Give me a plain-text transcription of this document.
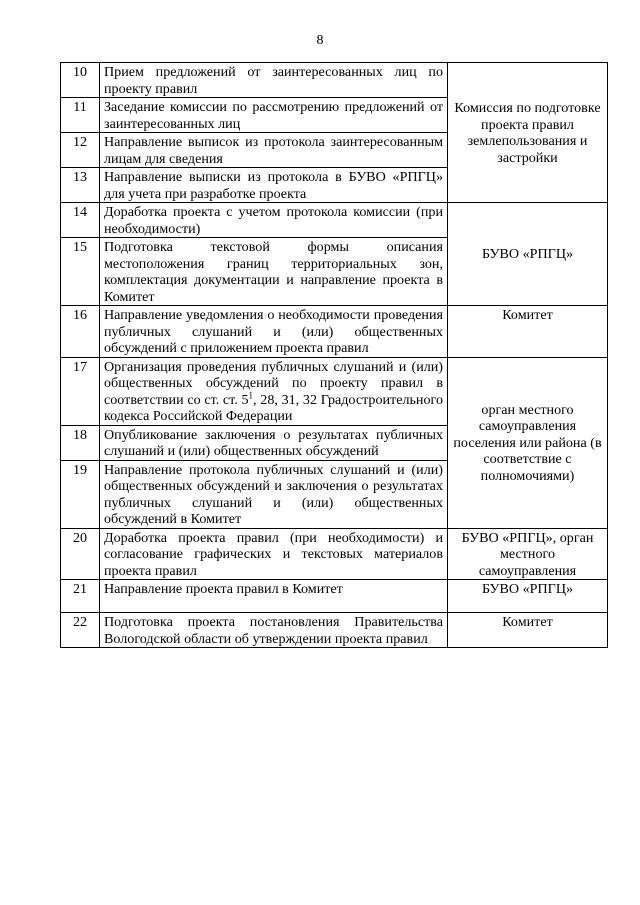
8
10	Прием предложений от заинтересованных лиц по проекту правил	Комиссия по подготовке проекта правил землепользования и застройки
11	Заседание комиссии по рассмотрению предложений от заинтересованных лиц	
12	Направление выписок из протокола заинтересованным лицам для сведения	
13	Направление выписки из протокола в БУВО «РПГЦ» для учета при разработке проекта	
14	Доработка проекта с учетом протокола комиссии (при необходимости)	БУВО «РПГЦ»
15	Подготовка текстовой формы описания местоположения границ территориальных зон, комплектация документации и направление проекта в Комитет	
16	Направление уведомления о необходимости проведения публичных слушаний и (или) общественных обсуждений с приложением проекта правил	Комитет
17	Организация проведения публичных слушаний и (или) общественных обсуждений по проекту правил в соответствии со ст. ст. $5^1$, 28, 31, 32 Градостроительного кодекса Российской Федерации	орган местного самоуправления поселения или района (в соответствие с полномочиями)
18	Опубликование заключения о результатах публичных слушаний и (или) общественных обсуждений	
19	Направление протокола публичных слушаний и (или) общественных обсуждений и заключения о результатах публичных слушаний и (или) общественных обсуждений в Комитет	
20	Доработка проекта правил (при необходимости) и согласование графических и текстовых материалов проекта правил	БУВО «РПГЦ», орган местного самоуправления
21	Направление проекта правил в Комитет	БУВО «РПГЦ»
22	Подготовка проекта постановления Правительства Вологодской области об утверждении проекта правил	Комитет
